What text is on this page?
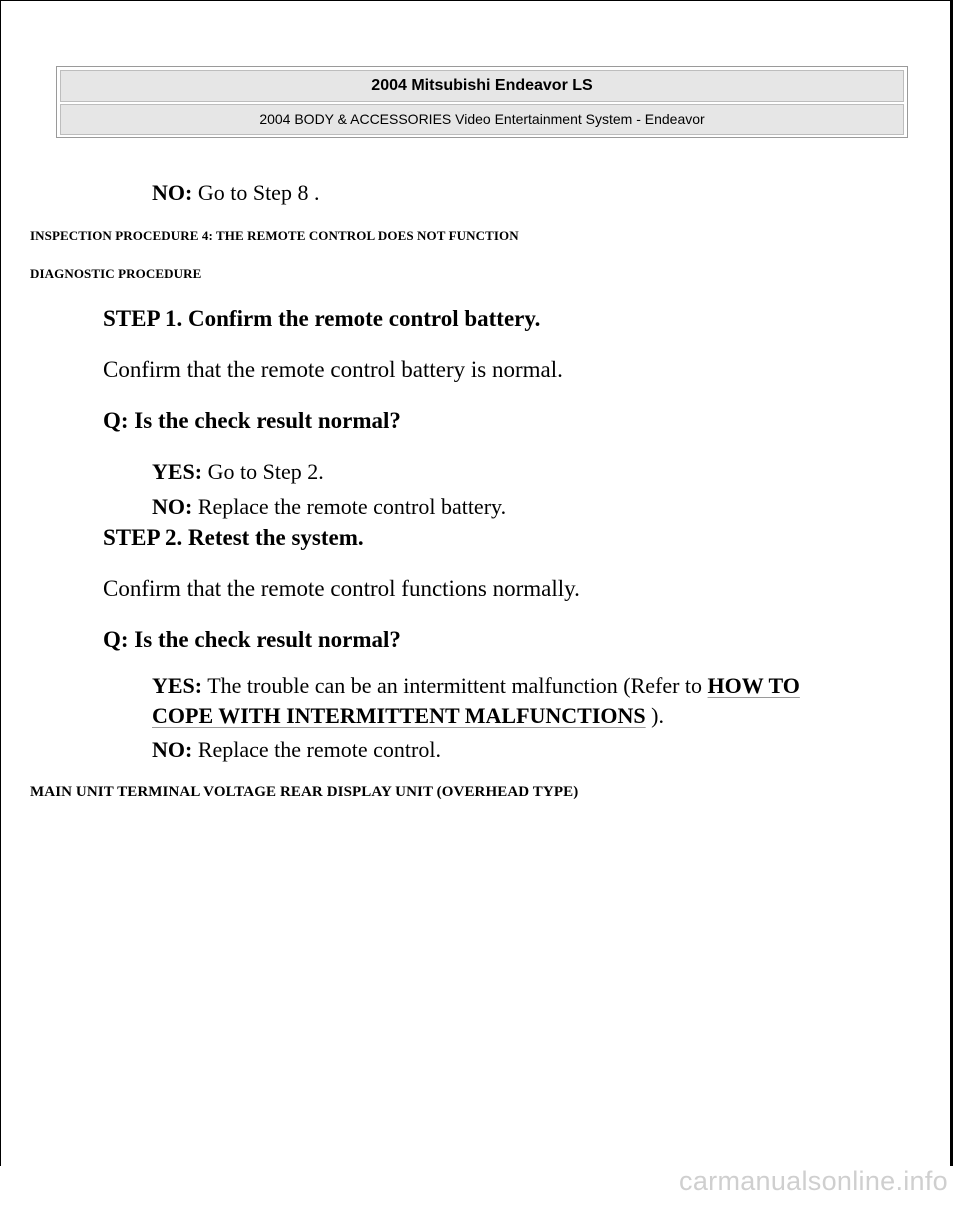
2004 Mitsubishi Endeavor LS
2004 BODY & ACCESSORIES Video Entertainment System - Endeavor
NO: Go to Step 8 .
INSPECTION PROCEDURE 4: THE REMOTE CONTROL DOES NOT FUNCTION
DIAGNOSTIC PROCEDURE
STEP 1. Confirm the remote control battery.
Confirm that the remote control battery is normal.
Q: Is the check result normal?
YES: Go to Step 2.
NO: Replace the remote control battery.
STEP 2. Retest the system.
Confirm that the remote control functions normally.
Q: Is the check result normal?
YES: The trouble can be an intermittent malfunction (Refer to HOW TO
COPE WITH INTERMITTENT MALFUNCTIONS ).
NO: Replace the remote control.
MAIN UNIT TERMINAL VOLTAGE REAR DISPLAY UNIT (OVERHEAD TYPE)
carmanualsonline.info
